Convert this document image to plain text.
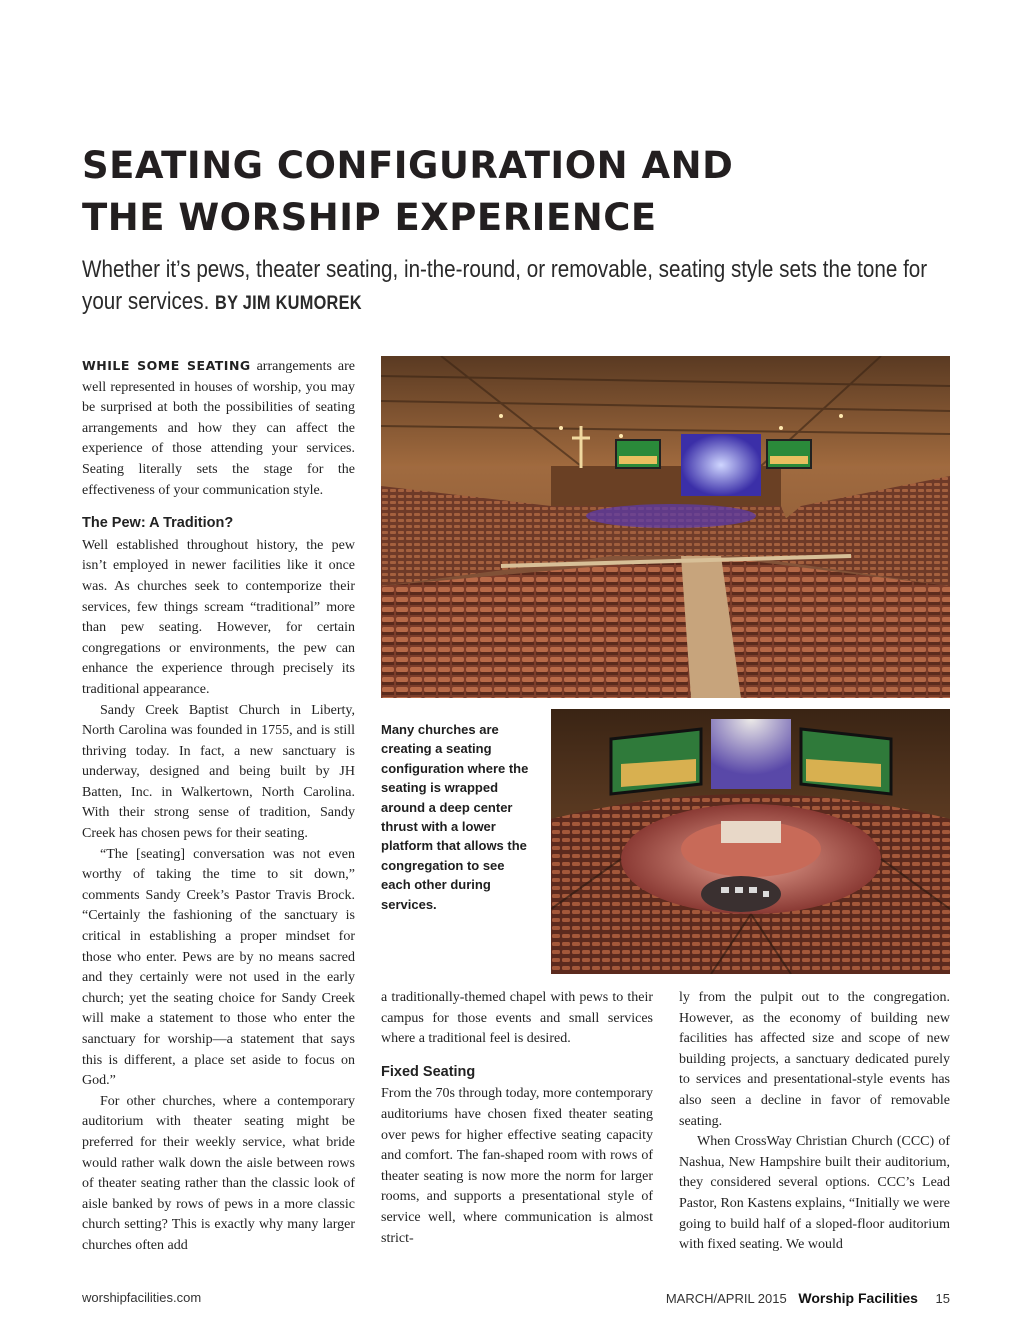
SEATING CONFIGURATION AND
THE WORSHIP EXPERIENCE
Whether it’s pews, theater seating, in-the-round, or removable, seating style sets the tone for your services. BY JIM KUMOREK

WHILE SOME SEATING arrangements are well represented in houses of worship, you may be surprised at both the possibilities of seating arrangements and how they can affect the experience of those attending your services. Seating literally sets the stage for the effectiveness of your communication style.

The Pew: A Tradition?

Well established throughout history, the pew isn’t employed in newer facilities like it once was. As churches seek to contemporize their services, few things scream “traditional” more than pew seating. However, for certain congregations or environments, the pew can enhance the experience through precisely its traditional appearance.

Sandy Creek Baptist Church in Liberty, North Carolina was founded in 1755, and is still thriving today. In fact, a new sanctuary is underway, designed and being built by JH Batten, Inc. in Walkertown, North Carolina. With their strong sense of tradition, Sandy Creek has chosen pews for their seating.

“The [seating] conversation was not even worthy of taking the time to sit down,” comments Sandy Creek’s Pastor Travis Brock. “Certainly the fashioning of the sanctuary is critical in establishing a proper mindset for those who enter. Pews are by no means sacred and they certainly were not used in the early church; yet the seating choice for Sandy Creek will make a statement to those who enter the sanctuary for worship—a statement that says this is different, a place set aside to focus on God.”

For other churches, where a contemporary auditorium with theater seating might be preferred for their weekly service, what bride would rather walk down the aisle between rows of theater seating rather than the classic look of aisle banked by rows of pews in a more classic church setting? This is exactly why many larger churches often add

Many churches are creating a seating configuration where the seating is wrapped around a deep center thrust with a lower platform that allows the congregation to see each other during services.

a traditionally-themed chapel with pews to their campus for those events and small services where a traditional feel is desired.

Fixed Seating

From the 70s through today, more contemporary auditoriums have chosen fixed theater seating over pews for higher effective seating capacity and comfort. The fan-shaped room with rows of theater seating is now more the norm for larger rooms, and supports a presentational style of service well, where communication is almost strict-

ly from the pulpit out to the congregation. However, as the economy of building new facilities has affected size and scope of new building projects, a sanctuary dedicated purely to services and presentational-style events has also seen a decline in favor of removable seating.

When CrossWay Christian Church (CCC) of Nashua, New Hampshire built their auditorium, they considered several options. CCC’s Lead Pastor, Ron Kastens explains, “Initially we were going to build half of a sloped-floor auditorium with fixed seating. We would

worshipfacilities.com	MARCH/APRIL 2015 Worship Facilities 15
